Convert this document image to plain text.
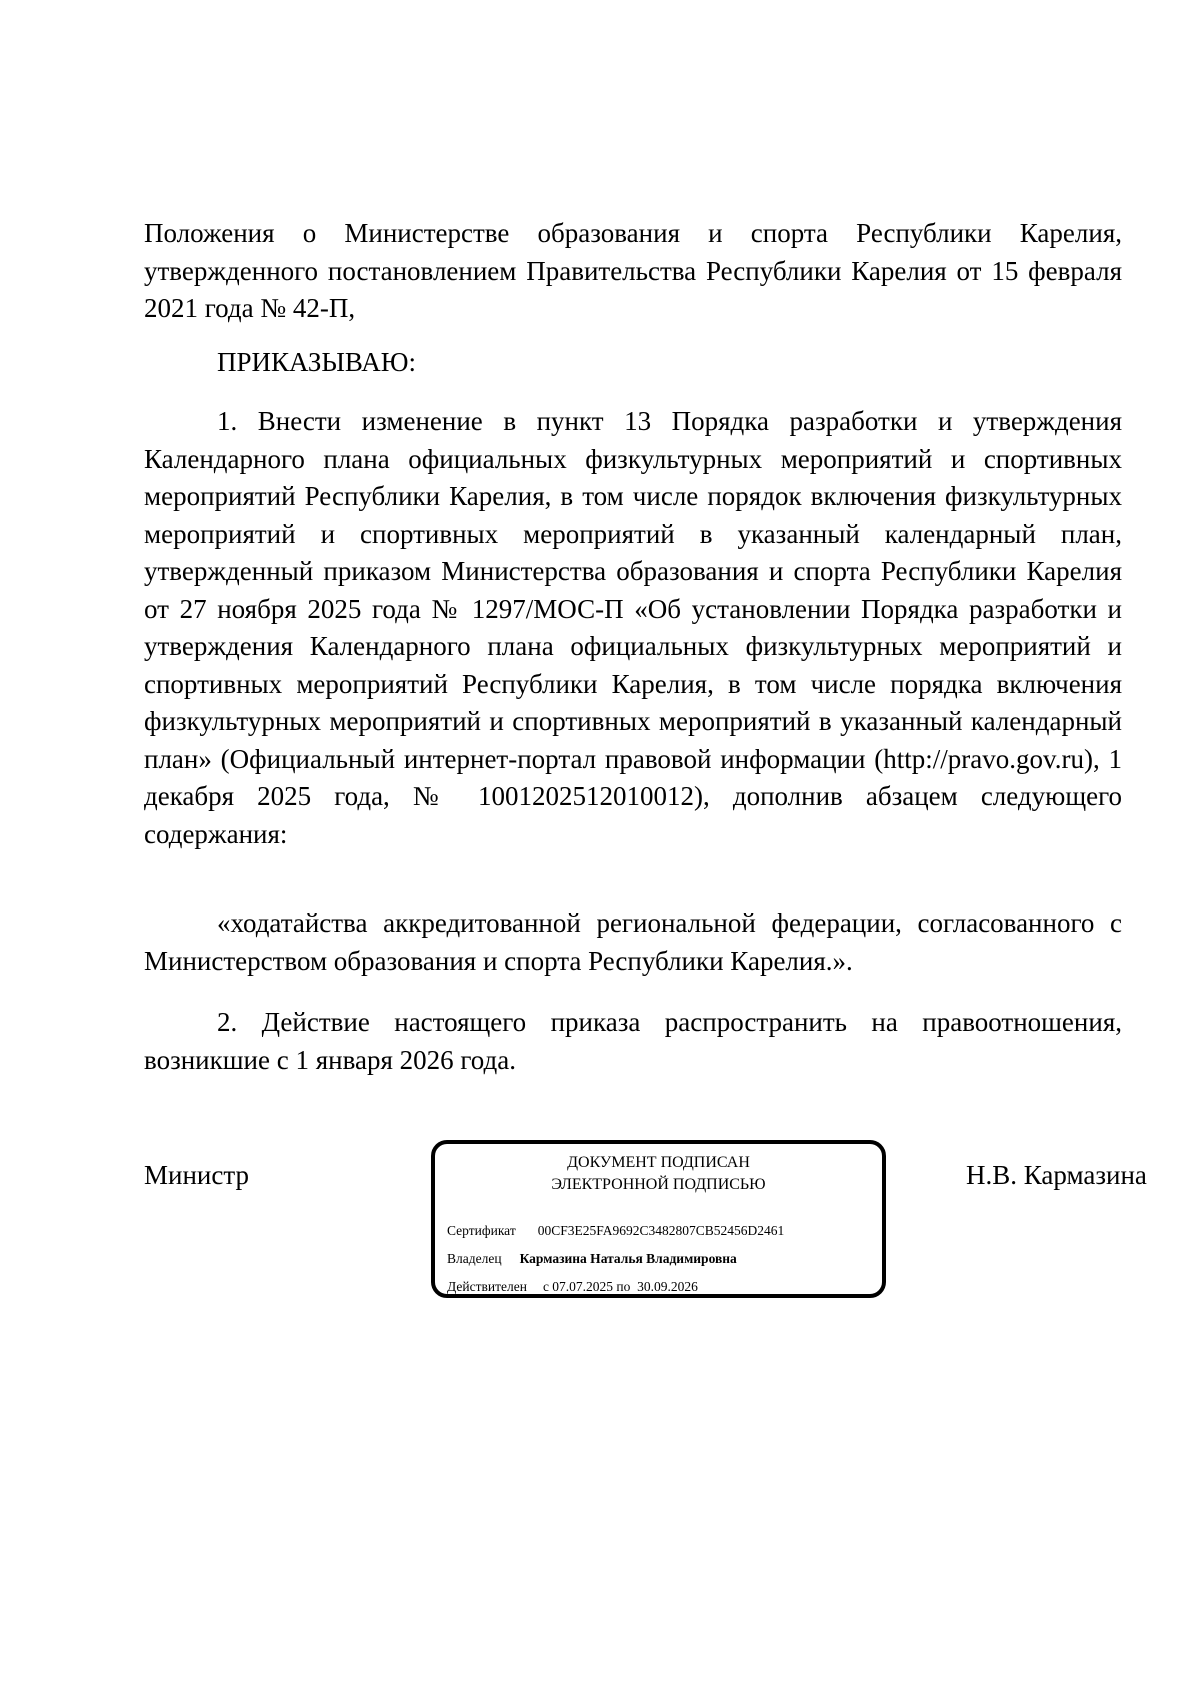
Положения о Министерстве образования и спорта Республики Карелия, утвержденного постановлением Правительства Республики Карелия от 15 февраля 2021 года № 42-П,

ПРИКАЗЫВАЮ:

1. Внести изменение в пункт 13 Порядка разработки и утверждения Календарного плана официальных физкультурных мероприятий и спортивных мероприятий Республики Карелия, в том числе порядок включения физкультурных мероприятий и спортивных мероприятий в указанный календарный план, утвержденный приказом Министерства образования и спорта Республики Карелия от 27 ноября 2025 года № 1297/МОС-П «Об установлении Порядка разработки и утверждения Календарного плана официальных физкультурных мероприятий и спортивных мероприятий Республики Карелия, в том числе порядка включения физкультурных мероприятий и спортивных мероприятий в указанный календарный план» (Официальный интернет-портал правовой информации (http://pravo.gov.ru), 1 декабря 2025 года, № 1001202512010012), дополнив абзацем следующего содержания:

«ходатайства аккредитованной региональной федерации, согласованного с Министерством образования и спорта Республики Карелия.».

2. Действие настоящего приказа распространить на правоотношения, возникшие с 1 января 2026 года.

Министр	ДОКУМЕНТ ПОДПИСАН
ЭЛЕКТРОННОЙ ПОДПИСЬЮ
Сертификат 00CF3E25FA9692C3482807CB52456D2461
Владелец Кармазина Наталья Владимировна
Действителен с 07.07.2025 по 30.09.2026
Н.В. Кармазина
